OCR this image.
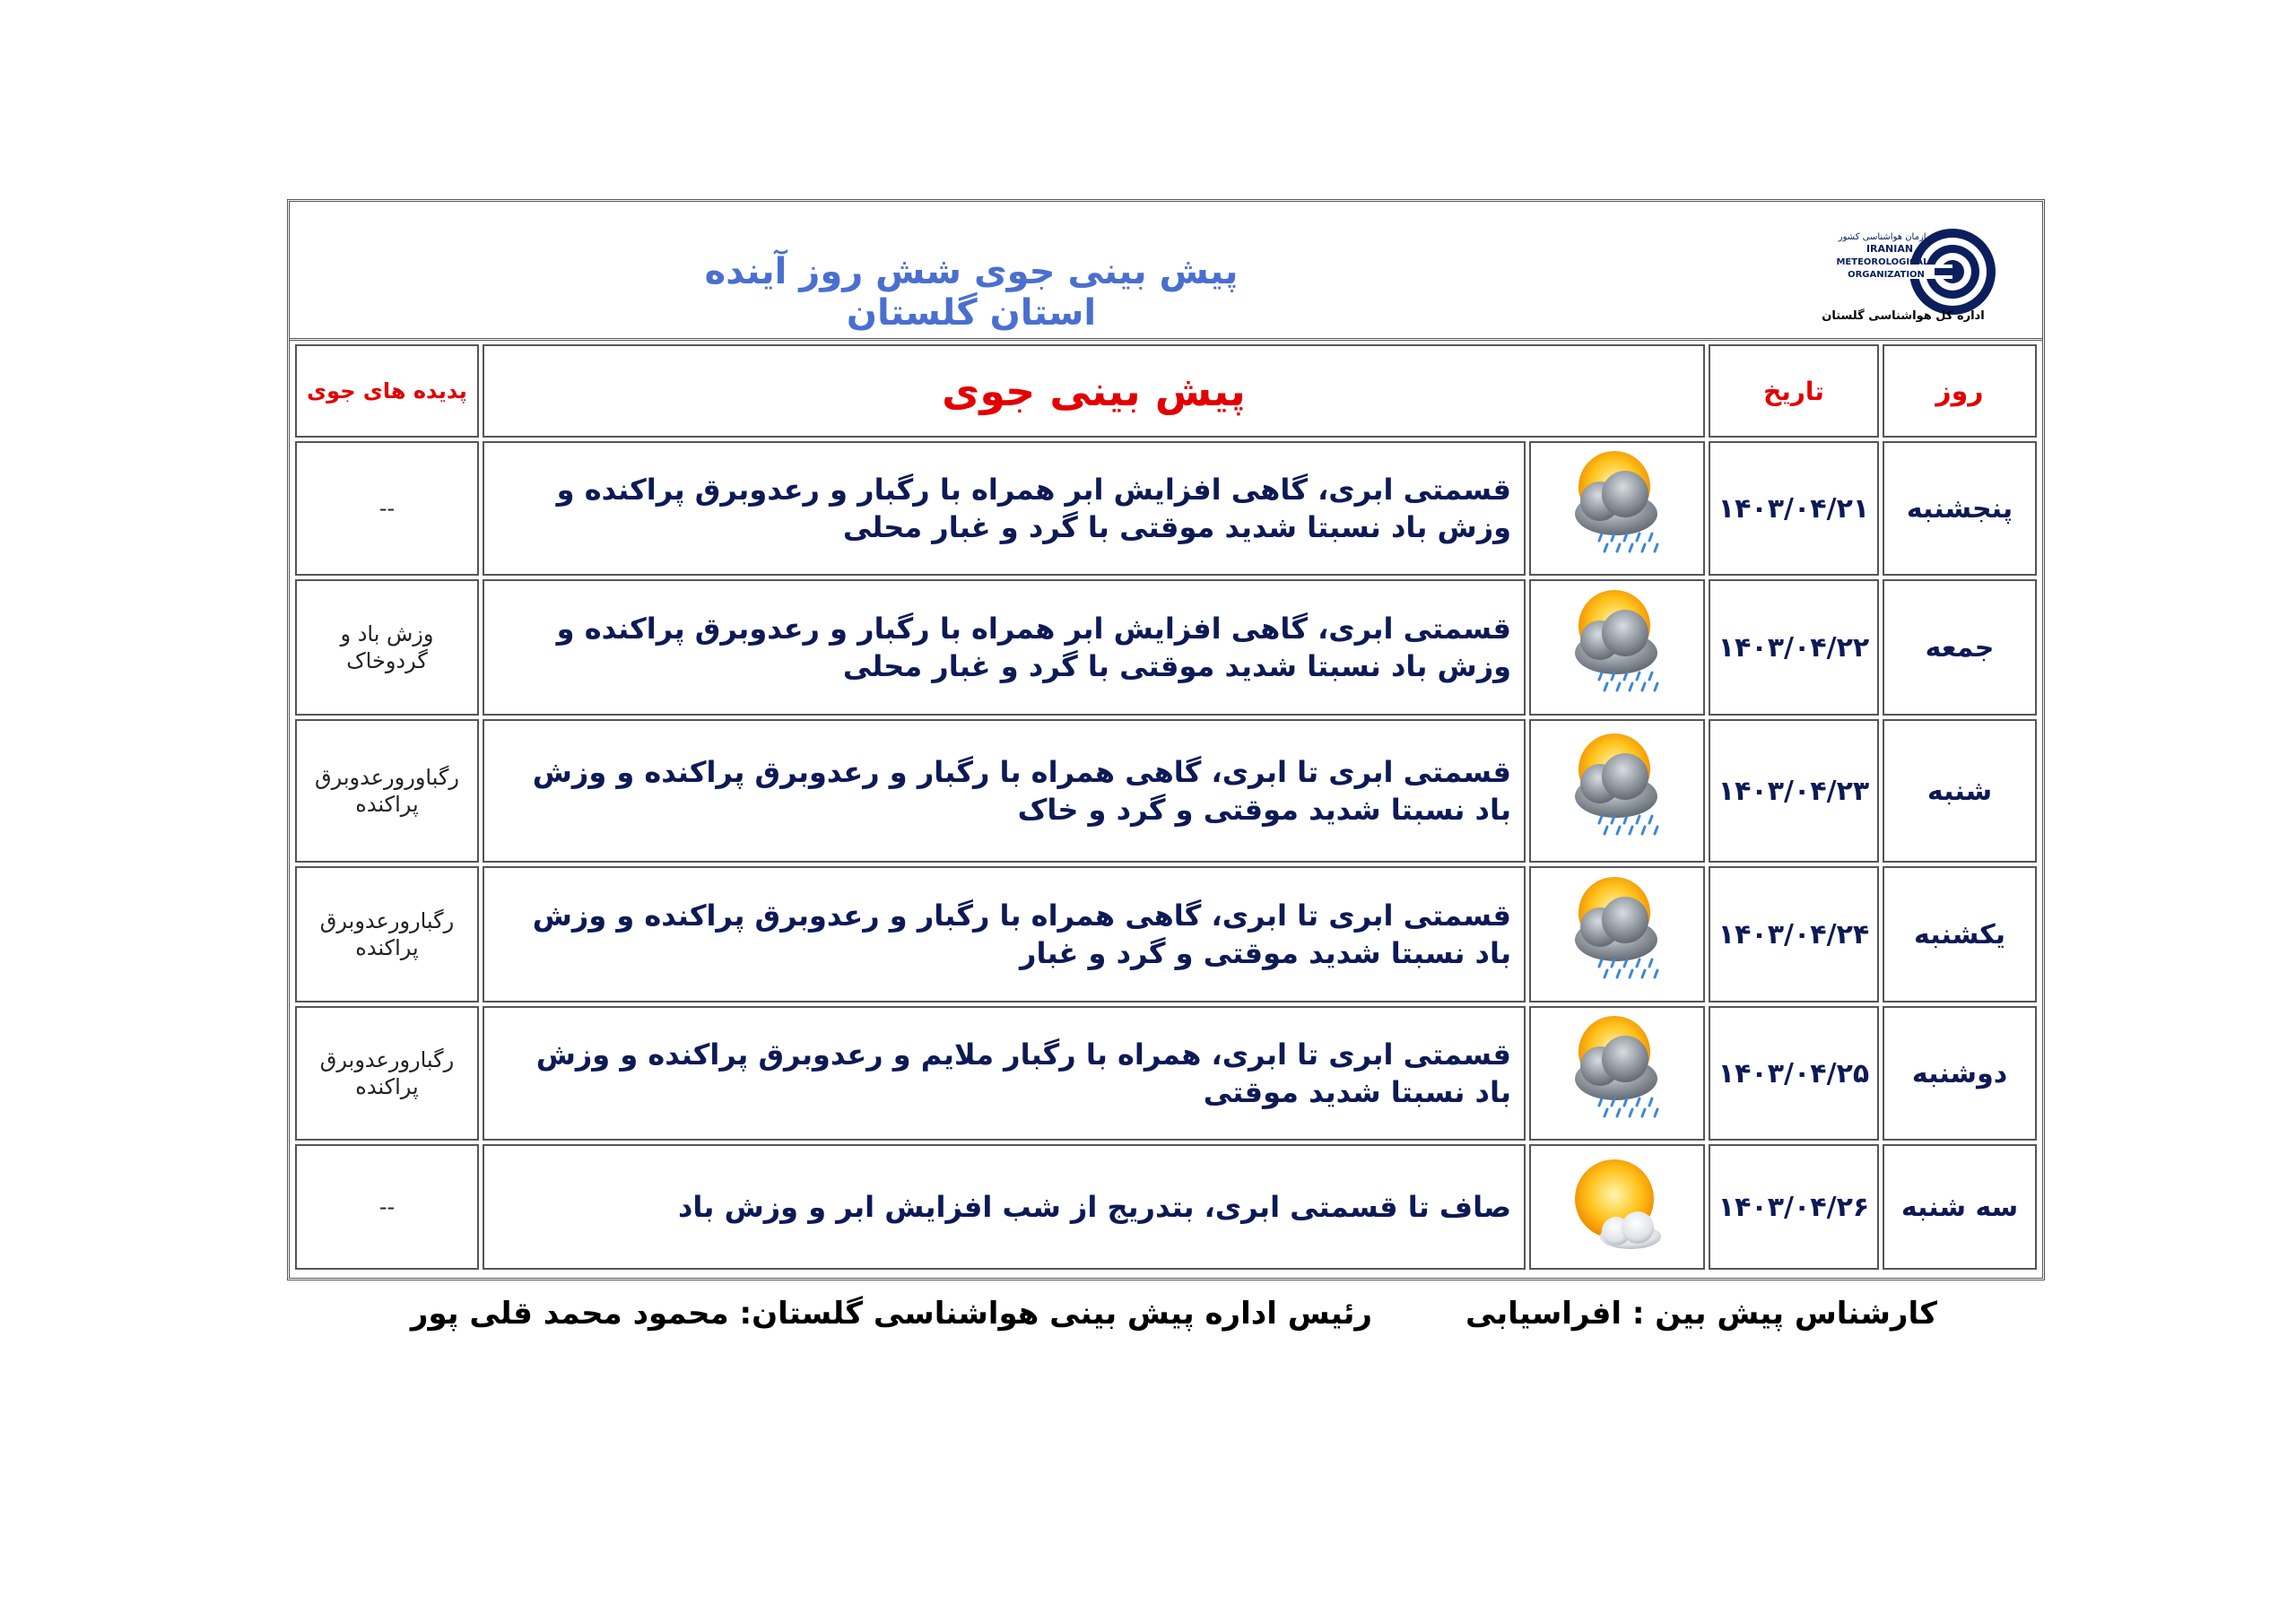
پیش بینی جوی شش روز آینده استان گلستان
سازمان هواشناسی کشور
IRANIAN
METEOROLOGICAL
ORGANIZATION
اداره کل هواشناسی گلستان
روز	تاریخ	پیش بینی جوی		پدیده های جوی
پنجشنبه	۱۴۰۳/۰۴/۲۱		قسمتی ابری، گاهی افزایش ابر همراه با رگبار و رعدوبرق پراکنده و وزش باد نسبتا شدید موقتی با گرد و غبار محلی	--
جمعه	۱۴۰۳/۰۴/۲۲		قسمتی ابری، گاهی افزایش ابر همراه با رگبار و رعدوبرق پراکنده و وزش باد نسبتا شدید موقتی با گرد و غبار محلی	وزش باد و گردوخاک
شنبه	۱۴۰۳/۰۴/۲۳		قسمتی ابری تا ابری، گاهی همراه با رگبار و رعدوبرق پراکنده و وزش باد نسبتا شدید موقتی و گرد و خاک	رگباورورعدوبرق پراکنده
یکشنبه	۱۴۰۳/۰۴/۲۴		قسمتی ابری تا ابری، گاهی همراه با رگبار و رعدوبرق پراکنده و وزش باد نسبتا شدید موقتی و گرد و غبار	رگبارورعدوبرق پراکنده
دوشنبه	۱۴۰۳/۰۴/۲۵		قسمتی ابری تا ابری، همراه با رگبار ملایم و رعدوبرق پراکنده و وزش باد نسبتا شدید موقتی	رگبارورعدوبرق پراکنده
سه شنبه	۱۴۰۳/۰۴/۲۶		صاف تا قسمتی ابری، بتدریج از شب افزایش ابر و وزش باد	--
کارشناس پیش بین : افراسیابی
رئیس اداره پیش بینی هواشناسی گلستان: محمود محمد قلی پور
